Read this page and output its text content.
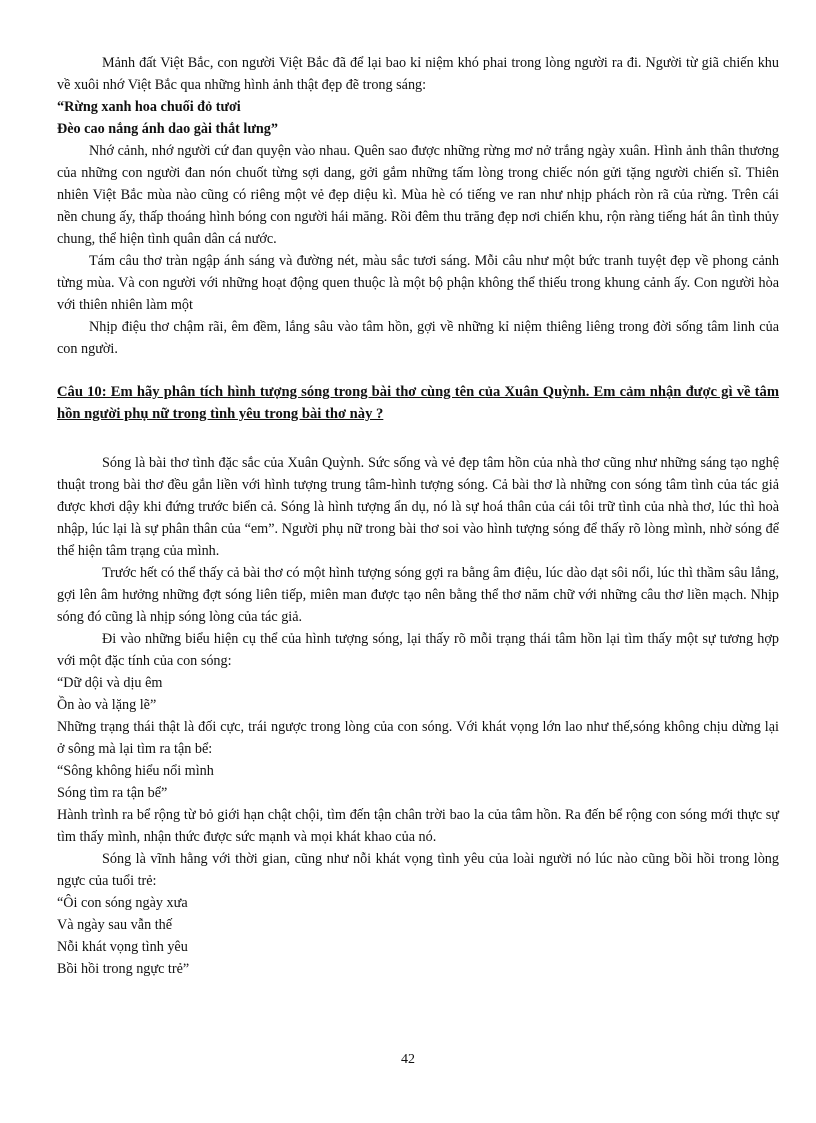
Mảnh đất Việt Bắc, con người Việt Bắc đã để lại bao kỉ niệm khó phai trong lòng người ra đi. Người từ giã chiến khu về xuôi nhớ Việt Bắc qua những hình ảnh thật đẹp đẽ trong sáng:

“Rừng xanh hoa chuối đỏ tươi

Đèo cao nắng ánh dao gài thắt lưng”

Nhớ cảnh, nhớ người cứ đan quyện vào nhau. Quên sao được những rừng mơ nở trắng ngày xuân. Hình ảnh thân thương của những con người đan nón chuốt từng sợi dang, gởi gắm những tấm lòng trong chiếc nón gửi tặng người chiến sĩ. Thiên nhiên Việt Bắc mùa nào cũng có riêng một vẻ đẹp diệu kì. Mùa hè có tiếng ve ran như nhịp phách ròn rã của rừng. Trên cái nền chung ấy, thấp thoáng hình bóng con người hái măng. Rồi đêm thu trăng đẹp nơi chiến khu, rộn ràng tiếng hát ân tình thủy chung, thể hiện tình quân dân cá nước.

Tám câu thơ tràn ngập ánh sáng và đường nét, màu sắc tươi sáng. Mỗi câu như một bức tranh tuyệt đẹp về phong cảnh từng mùa. Và con người với những hoạt động quen thuộc là một bộ phận không thể thiếu trong khung cảnh ấy. Con người hòa với thiên nhiên làm một

Nhịp điệu thơ chậm rãi, êm đềm, lắng sâu vào tâm hồn, gợi về những kỉ niệm thiêng liêng trong đời sống tâm linh của con người.

Câu 10: Em hãy phân tích hình tượng sóng trong bài thơ cùng tên của Xuân Quỳnh. Em cảm nhận được gì về tâm hồn người phụ nữ trong tình yêu trong bài thơ này ?

Sóng là bài thơ tình đặc sắc của Xuân Quỳnh. Sức sống và vẻ đẹp tâm hồn của nhà thơ cũng như những sáng tạo nghệ thuật trong bài thơ đều gắn liền với hình tượng trung tâm-hình tượng sóng. Cả bài thơ là những con sóng tâm tình của tác giả được khơi dậy khi đứng trước biển cả. Sóng là hình tượng ẩn dụ, nó là sự hoá thân của cái tôi trữ tình của nhà thơ, lúc thì hoà nhập, lúc lại là sự phân thân của “em”. Người phụ nữ trong bài thơ soi vào hình tượng sóng để thấy rõ lòng mình, nhờ sóng để thể hiện tâm trạng của mình.

Trước hết có thể thấy cả bài thơ có một hình tượng sóng gợi ra bằng âm điệu, lúc dào dạt sôi nổi, lúc thì thầm sâu lắng, gợi lên âm hưởng những đợt sóng liên tiếp, miên man được tạo nên bằng thể thơ năm chữ với những câu thơ liền mạch. Nhịp sóng đó cũng là nhịp sóng lòng của tác giả.

Đi vào những biểu hiện cụ thể của hình tượng sóng, lại thấy rõ mỗi trạng thái tâm hồn lại tìm thấy một sự tương hợp với một đặc tính của con sóng:

“Dữ dội và dịu êm

Ồn ào và lặng lẽ”

Những trạng thái thật là đối cực, trái ngược trong lòng của con sóng. Với khát vọng lớn lao như thế,sóng không chịu dừng lại ở sông mà lại tìm ra tận bể:

“Sông không hiểu nổi mình

Sóng tìm ra tận bể”

Hành trình ra bể rộng từ bỏ giới hạn chật chội, tìm đến tận chân trời bao la của tâm hồn. Ra đến bể rộng con sóng mới thực sự tìm thấy mình, nhận thức được sức mạnh và mọi khát khao của nó.

Sóng là vĩnh hằng với thời gian, cũng như nỗi khát vọng tình yêu của loài người nó lúc nào cũng bồi hồi trong lòng ngực của tuổi trẻ:

“Ôi con sóng ngày xưa

Và ngày sau vẫn thế

Nỗi khát vọng tình yêu

Bồi hồi trong ngực trẻ”

42
